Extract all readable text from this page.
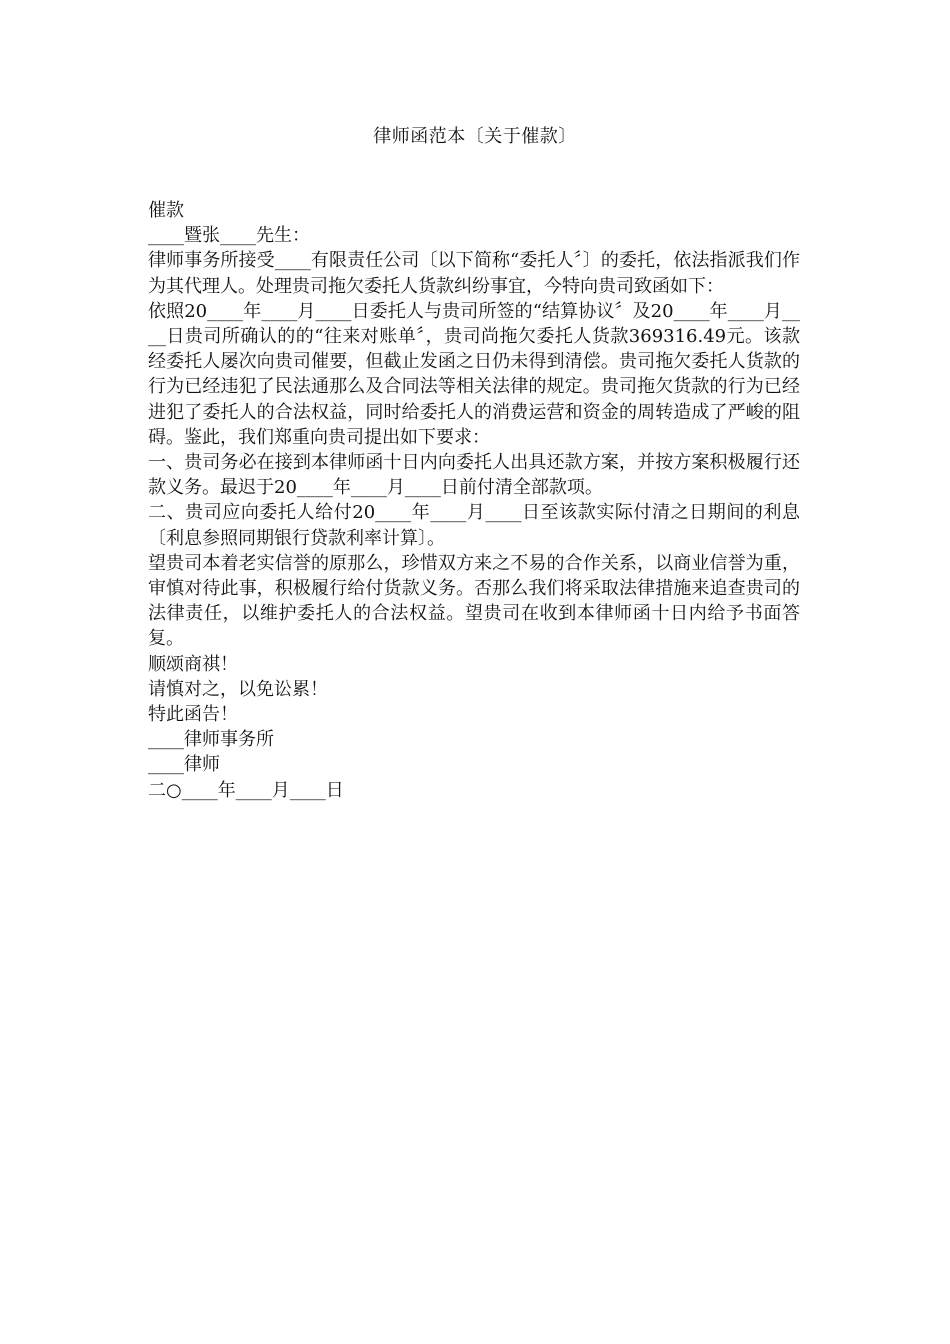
律师函范本〔关于催款〕

催款

____暨张____先生：

律师事务所接受____有限责任公司〔以下简称“委托人〞〕的委托，依法指派我们作为其代理人。处理贵司拖欠委托人货款纠纷事宜，今特向贵司致函如下：

依照20____年____月____日委托人与贵司所签的“结算协议〞及20____年____月____日贵司所确认的的“往来对账单〞，贵司尚拖欠委托人货款369316.49元。该款经委托人屡次向贵司催要，但截止发函之日仍未得到清偿。贵司拖欠委托人货款的行为已经违犯了民法通那么及合同法等相关法律的规定。贵司拖欠货款的行为已经进犯了委托人的合法权益，同时给委托人的消费运营和资金的周转造成了严峻的阻碍。鉴此，我们郑重向贵司提出如下要求：

一、贵司务必在接到本律师函十日内向委托人出具还款方案，并按方案积极履行还款义务。最迟于20____年____月____日前付清全部款项。

二、贵司应向委托人给付20____年____月____日至该款实际付清之日期间的利息〔利息参照同期银行贷款利率计算〕。

望贵司本着老实信誉的原那么，珍惜双方来之不易的合作关系，以商业信誉为重，审慎对待此事，积极履行给付货款义务。否那么我们将采取法律措施来追查贵司的法律责任，以维护委托人的合法权益。望贵司在收到本律师函十日内给予书面答复。

顺颂商祺！

请慎对之，以免讼累！

特此函告！

____律师事务所

____律师

二○____年____月____日
